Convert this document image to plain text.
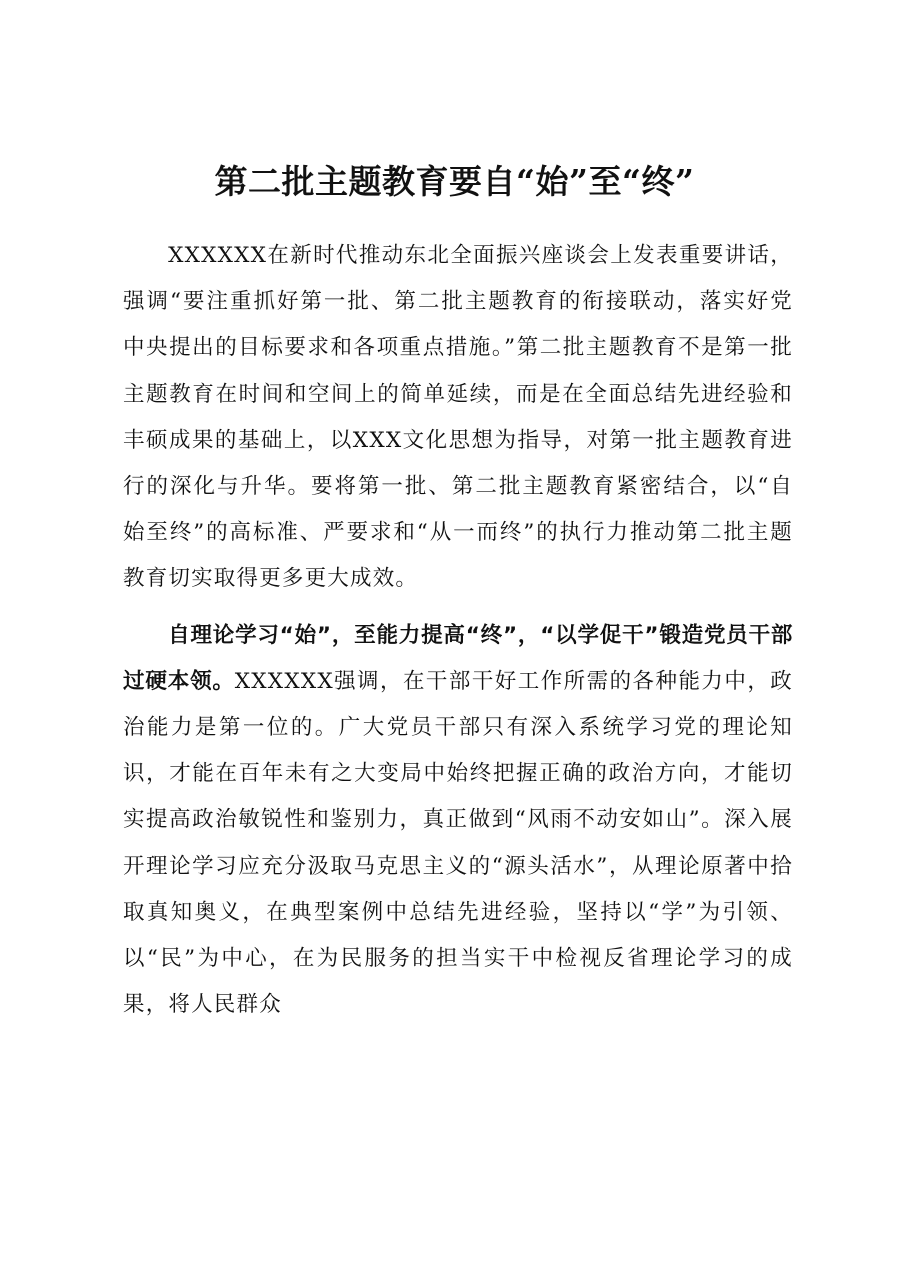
第二批主题教育要自“始”至“终”

XXXXXX在新时代推动东北全面振兴座谈会上发表重要讲话，强调“要注重抓好第一批、第二批主题教育的衔接联动，落实好党中央提出的目标要求和各项重点措施。”第二批主题教育不是第一批主题教育在时间和空间上的简单延续，而是在全面总结先进经验和丰硕成果的基础上，以XXX文化思想为指导，对第一批主题教育进行的深化与升华。要将第一批、第二批主题教育紧密结合，以“自始至终”的高标准、严要求和“从一而终”的执行力推动第二批主题教育切实取得更多更大成效。

自理论学习“始”，至能力提高“终”，“以学促干”锻造党员干部过硬本领。XXXXXX强调，在干部干好工作所需的各种能力中，政治能力是第一位的。广大党员干部只有深入系统学习党的理论知识，才能在百年未有之大变局中始终把握正确的政治方向，才能切实提高政治敏锐性和鉴别力，真正做到“风雨不动安如山”。深入展开理论学习应充分汲取马克思主义的“源头活水”，从理论原著中拾取真知奥义，在典型案例中总结先进经验，坚持以“学”为引领、以“民”为中心，在为民服务的担当实干中检视反省理论学习的成果，将人民群众
